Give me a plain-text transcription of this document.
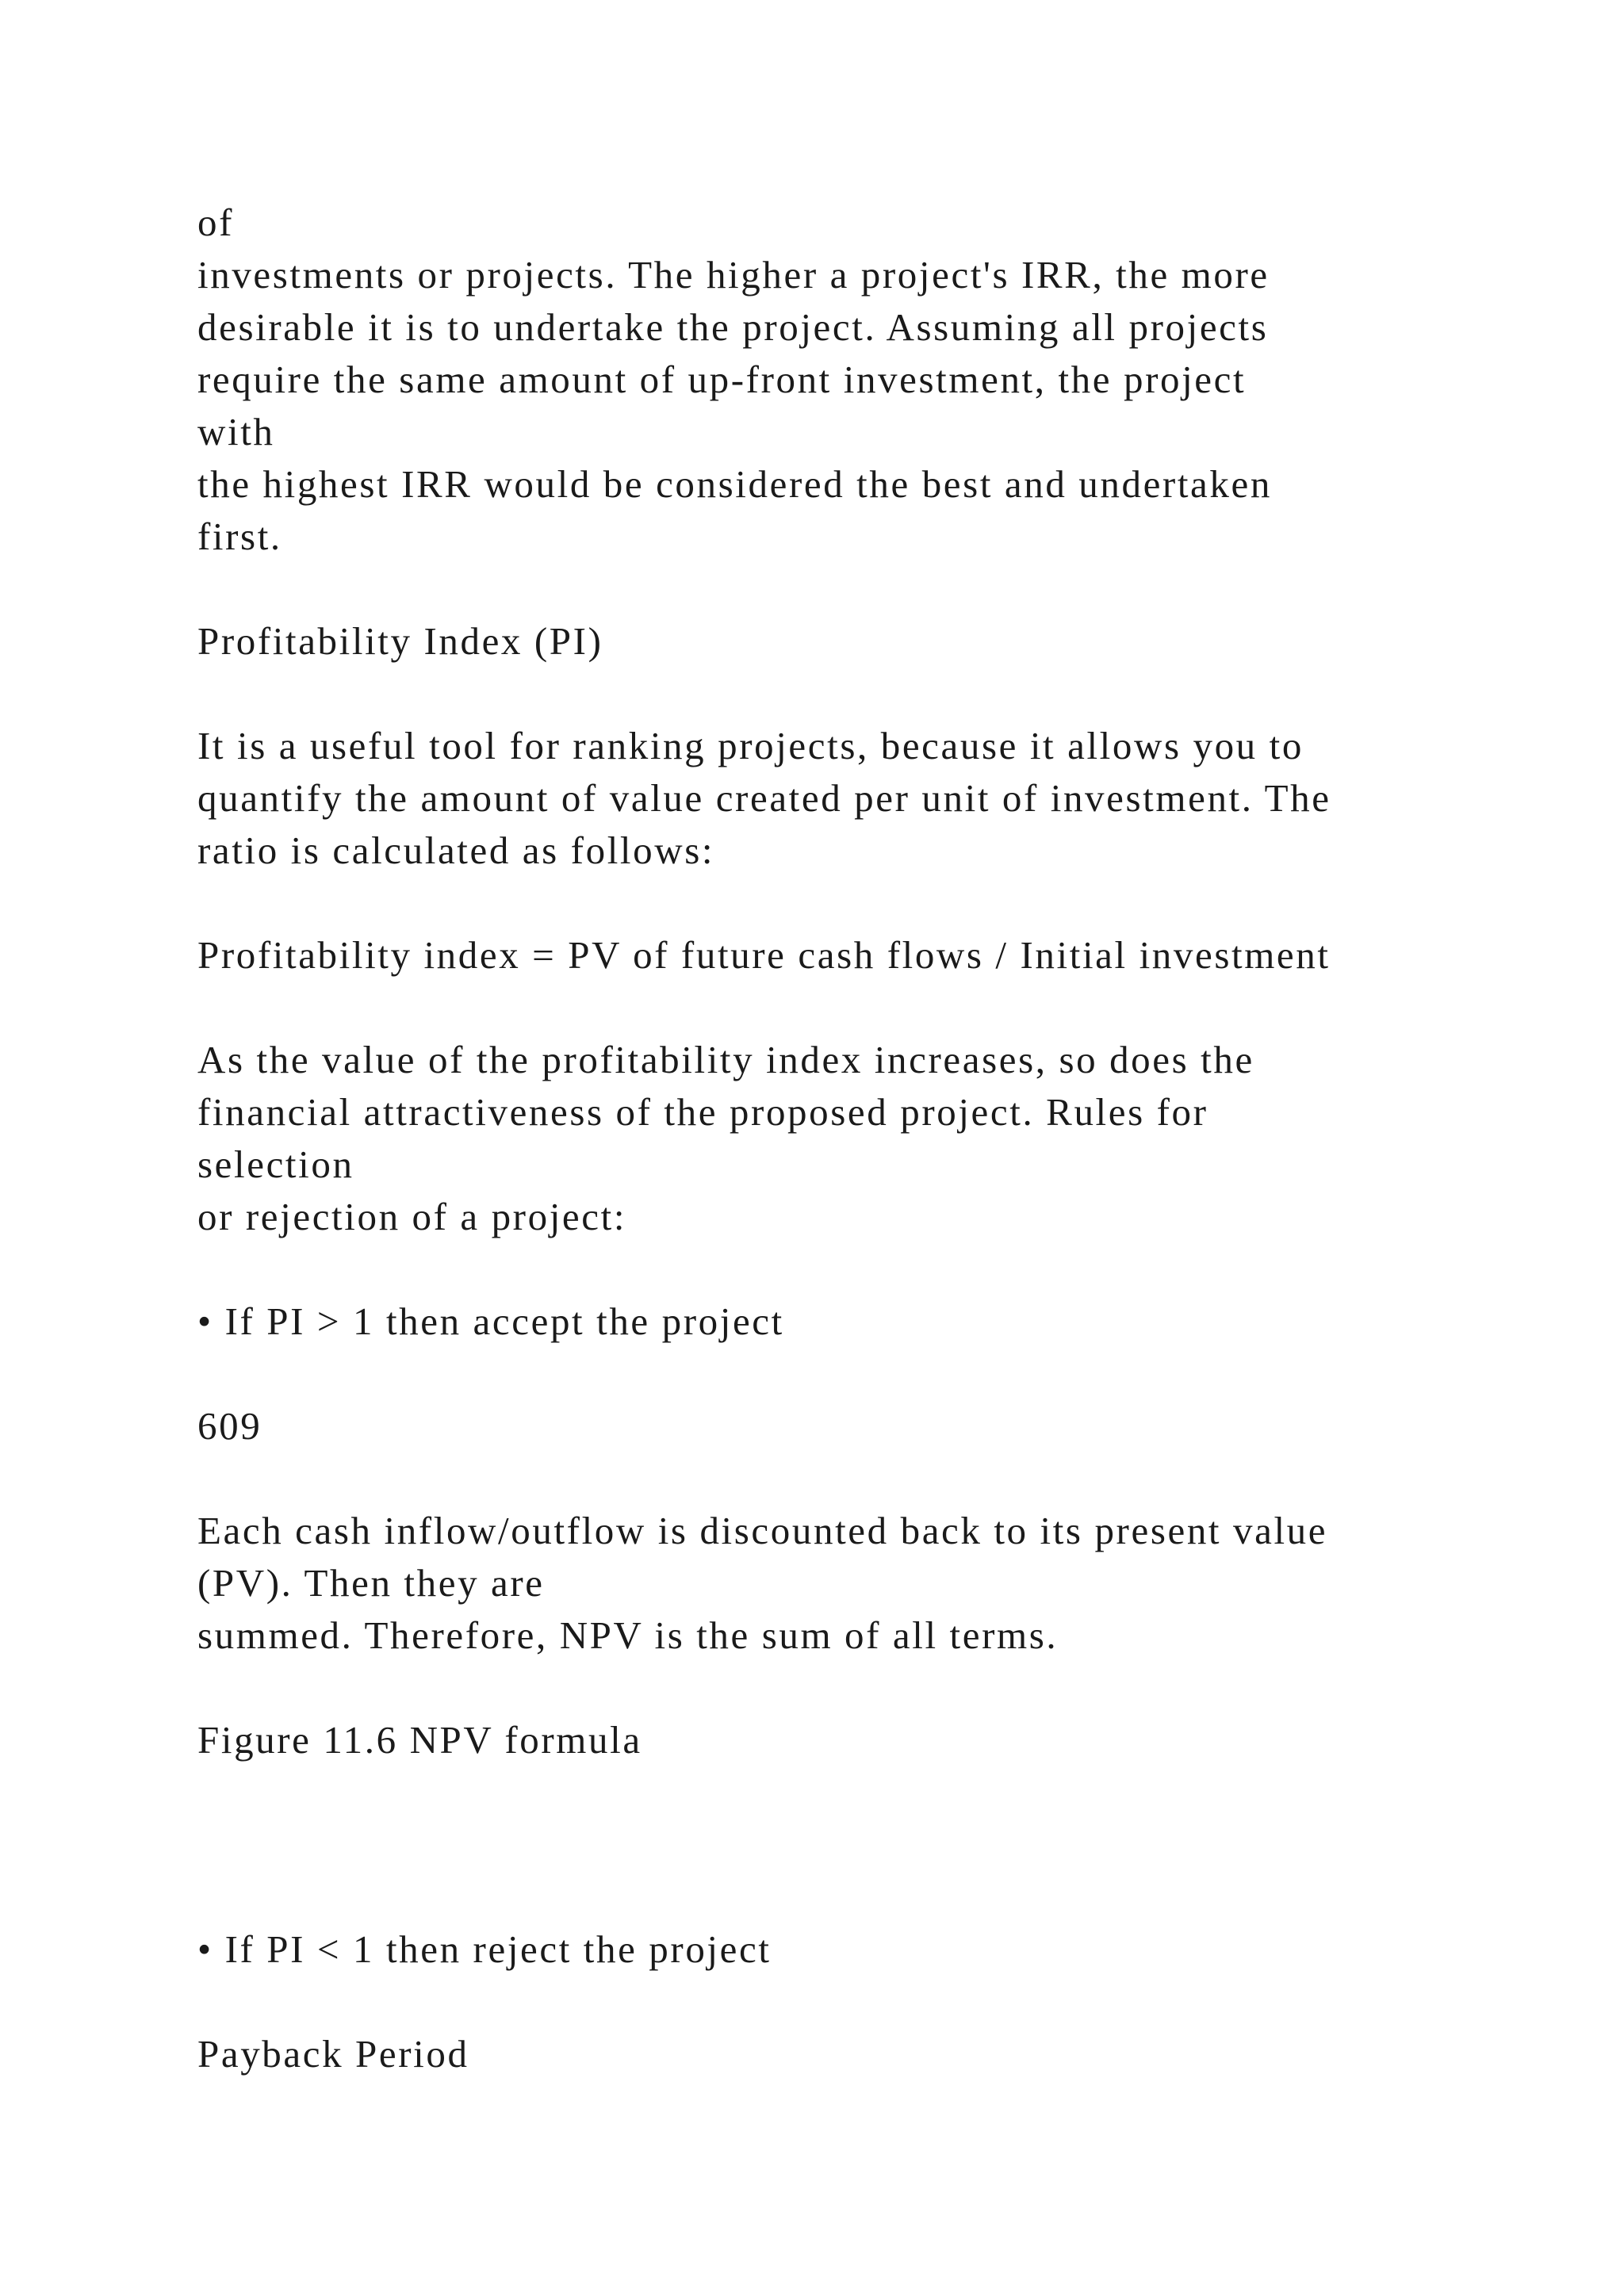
of

investments or projects. The higher a project's IRR, the more

desirable it is to undertake the project. Assuming all projects

require the same amount of up-front investment, the project

with

the highest IRR would be considered the best and undertaken

first.

Profitability Index (PI)

It is a useful tool for ranking projects, because it allows you to

quantify the amount of value created per unit of investment. The

ratio is calculated as follows:

Profitability index = PV of future cash flows / Initial investment

As the value of the profitability index increases, so does the

financial attractiveness of the proposed project. Rules for

selection

or rejection of a project:

• If PI > 1 then accept the project

609

Each cash inflow/outflow is discounted back to its present value

(PV). Then they are

summed. Therefore, NPV is the sum of all terms.

Figure 11.6 NPV formula

• If PI < 1 then reject the project

Payback Period
